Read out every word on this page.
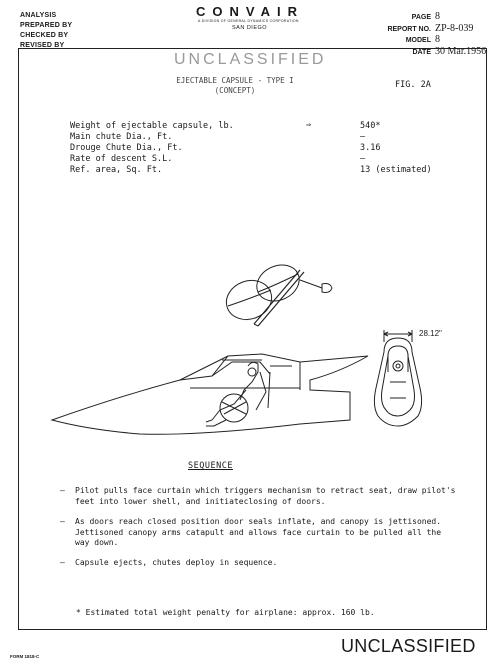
ANALYSIS
PREPARED BY
CHECKED BY
REVISED BY
CONVAIR
A DIVISION OF GENERAL DYNAMICS CORPORATION
SAN DIEGO
PAGE 8
REPORT NO. ZP-8-039
MODEL 8
DATE 30 Mar.1956
UNCLASSIFIED
EJECTABLE CAPSULE - TYPE I
(CONCEPT)
FIG. 2A
Weight of ejectable capsule, lb.	⇒	540*
Main chute Dia., Ft.	–
Drouge Chute Dia., Ft.	3.16
Rate of descent S.L.	–
Ref. area, Sq. Ft.	13 (estimated)
28.12"
SEQUENCE
–	Pilot pulls face curtain which triggers mechanism to retract seat, draw pilot's feet into lower shell, and initiateclosing of doors.
–	As doors reach closed position door seals inflate, and canopy is jettisoned. Jettisoned canopy arms catapult and allows face curtain to be pulled all the way down.
–	Capsule ejects, chutes deploy in sequence.
* Estimated total weight penalty for airplane: approx. 160 lb.
UNCLASSIFIED
FORM 1818-C
